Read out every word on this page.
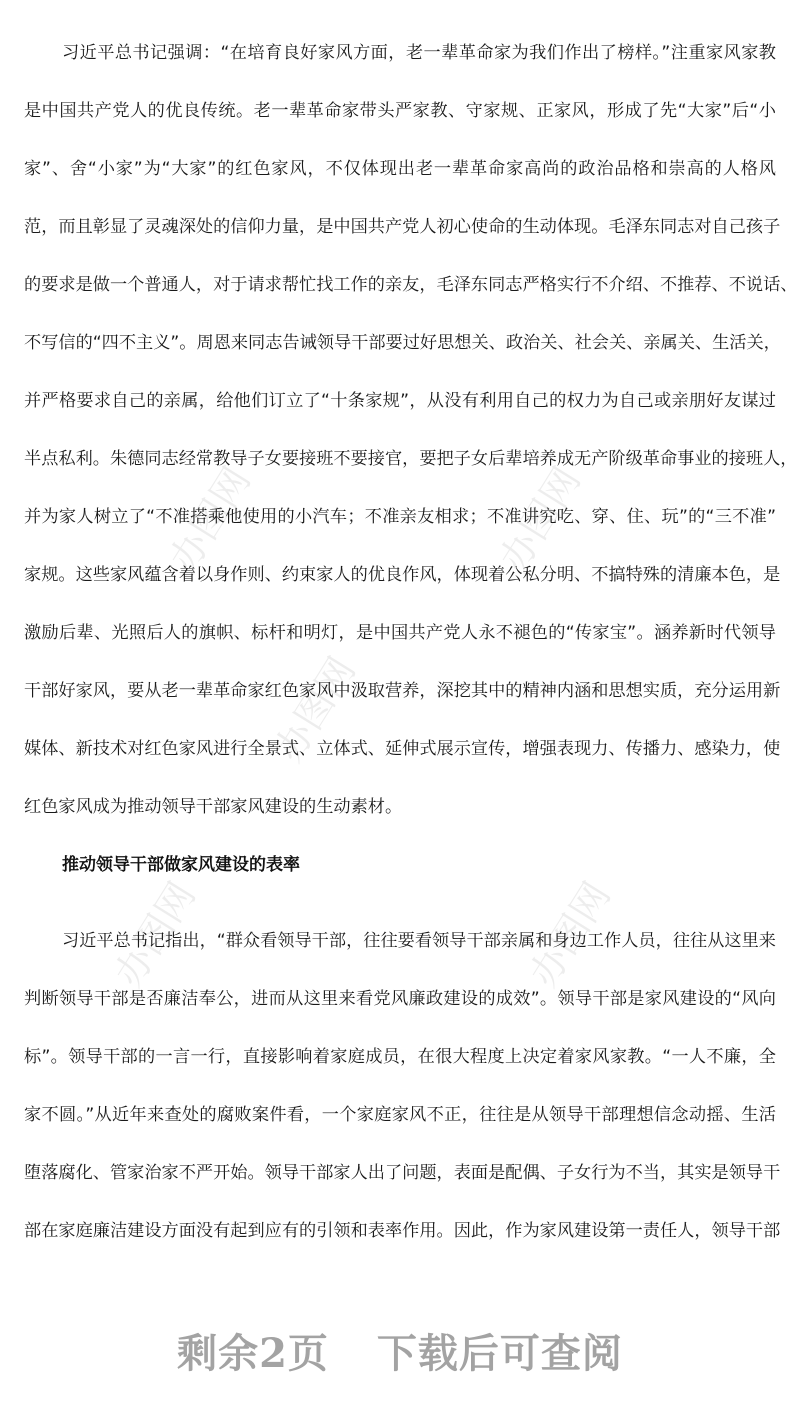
办图网	办图网
办图网
办图网	办图网
习近平总书记强调：“在培育良好家风方面，老一辈革命家为我们作出了榜样。”注重家风家教
是中国共产党人的优良传统。老一辈革命家带头严家教、守家规、正家风，形成了先“大家”后“小
家”、舍“小家”为“大家”的红色家风，不仅体现出老一辈革命家高尚的政治品格和崇高的人格风
范，而且彰显了灵魂深处的信仰力量，是中国共产党人初心使命的生动体现。毛泽东同志对自己孩子
的要求是做一个普通人，对于请求帮忙找工作的亲友，毛泽东同志严格实行不介绍、不推荐、不说话、
不写信的“四不主义”。周恩来同志告诫领导干部要过好思想关、政治关、社会关、亲属关、生活关，
并严格要求自己的亲属，给他们订立了“十条家规”，从没有利用自己的权力为自己或亲朋好友谋过
半点私利。朱德同志经常教导子女要接班不要接官，要把子女后辈培养成无产阶级革命事业的接班人，
并为家人树立了“不准搭乘他使用的小汽车；不准亲友相求；不准讲究吃、穿、住、玩”的“三不准”
家规。这些家风蕴含着以身作则、约束家人的优良作风，体现着公私分明、不搞特殊的清廉本色，是
激励后辈、光照后人的旗帜、标杆和明灯，是中国共产党人永不褪色的“传家宝”。涵养新时代领导
干部好家风，要从老一辈革命家红色家风中汲取营养，深挖其中的精神内涵和思想实质，充分运用新
媒体、新技术对红色家风进行全景式、立体式、延伸式展示宣传，增强表现力、传播力、感染力，使
红色家风成为推动领导干部家风建设的生动素材。
推动领导干部做家风建设的表率
习近平总书记指出，“群众看领导干部，往往要看领导干部亲属和身边工作人员，往往从这里来
判断领导干部是否廉洁奉公，进而从这里来看党风廉政建设的成效”。领导干部是家风建设的“风向
标”。领导干部的一言一行，直接影响着家庭成员，在很大程度上决定着家风家教。“一人不廉，全
家不圆。”从近年来查处的腐败案件看，一个家庭家风不正，往往是从领导干部理想信念动摇、生活
堕落腐化、管家治家不严开始。领导干部家人出了问题，表面是配偶、子女行为不当，其实是领导干
部在家庭廉洁建设方面没有起到应有的引领和表率作用。因此，作为家风建设第一责任人，领导干部
剩余2页 下载后可查阅
